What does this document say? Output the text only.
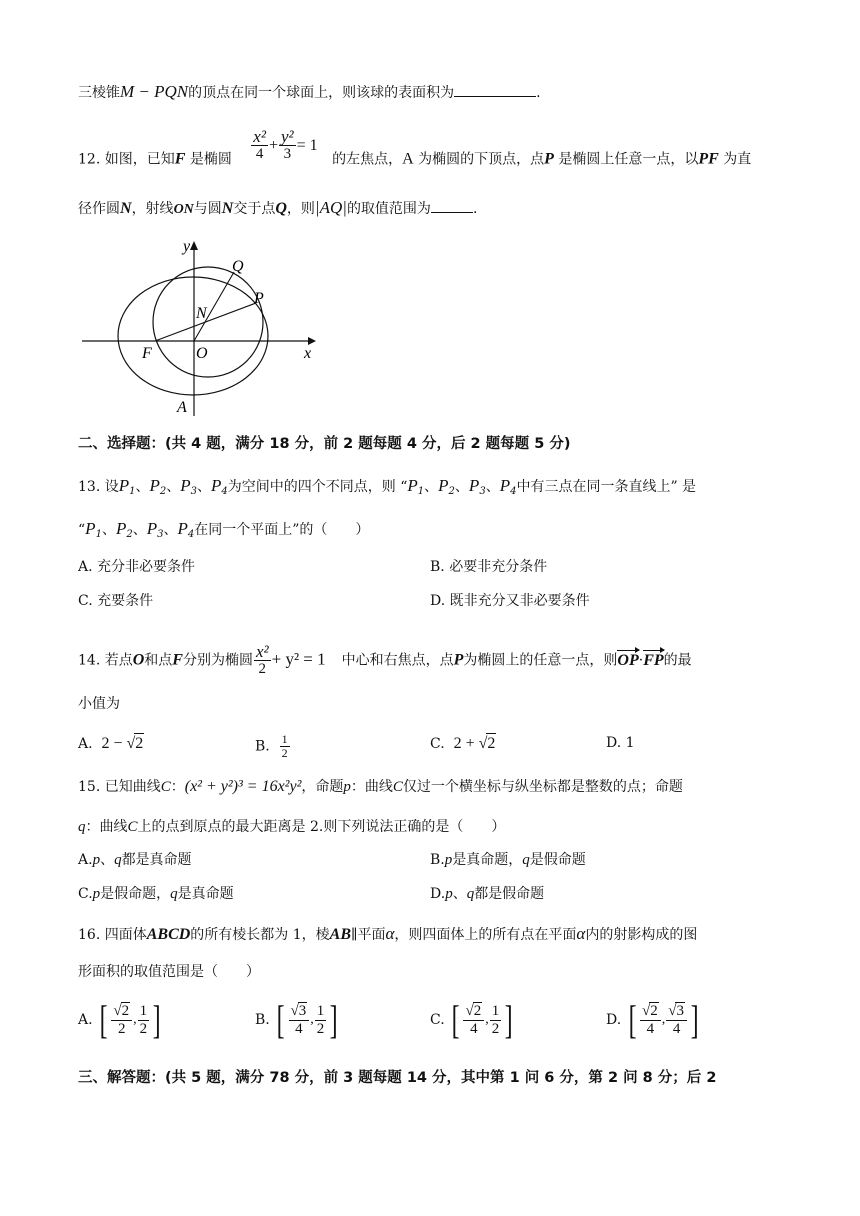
三棱锥M − PQN的顶点在同一个球面上，则该球的表面积为	.
12. 如图，已知F 是椭圆 $\frac{\text{x²}}{4} + \frac{\text{y²}}{3} = 1$ 的左焦点，A 为椭圆的下顶点，点P 是椭圆上任意一点，以PF 为直
径作圆N，射线ON与圆N交于点Q，则|AQ|的取值范围为	.
y
x
Q
P
N
F	O
A
二、选择题：(共 4 题，满分 18 分，前 2 题每题 4 分，后 2 题每题 5 分)
13. 设$P_1$、$P_2$、$P_3$、$P_4$为空间中的四个不同点，则 “$P_1$、$P_2$、$P_3$、$P_4$中有三点在同一条直线上” 是
“$P_1$、$P_2$、$P_3$、$P_4$在同一个平面上”的（　　）
A. 充分非必要条件	B. 必要非充分条件
C. 充要条件	D. 既非充分又非必要条件
14. 若点O和点F分别为椭圆 $\frac{\text{x²}}{2} + y^2 = 1$ 中心和右焦点，点P为椭圆上的任意一点，则OP·FP的最
小值为
A. 2 − √2	B. $\frac{1}{2}$	C. 2 + √2	D. 1
15. 已知曲线C：(x² + y²)³ = 16x²y²，命题p：曲线C仅过一个横坐标与纵坐标都是整数的点；命题
q：曲线C上的点到原点的最大距离是 2.则下列说法正确的是（　　）
A.p、q都是真命题	B.p是真命题，q是假命题
C.p是假命题，q是真命题	D.p、q都是假命题
16. 四面体ABCD的所有棱长都为 1，棱AB∥平面α，则四面体上的所有点在平面α内的射影构成的图
形面积的取值范围是（　　）
A. [ $\frac{√2}{2}$ , $\frac{1}{2}$ ]	B. [ $\frac{√3}{4}$ , $\frac{1}{2}$ ]	C. [ $\frac{√2}{4}$ , $\frac{1}{2}$ ]	D. [ $\frac{√2}{4}$ , $\frac{√3}{4}$ ]
三、解答题：(共 5 题，满分 78 分，前 3 题每题 14 分，其中第 1 问 6 分，第 2 问 8 分；后 2
